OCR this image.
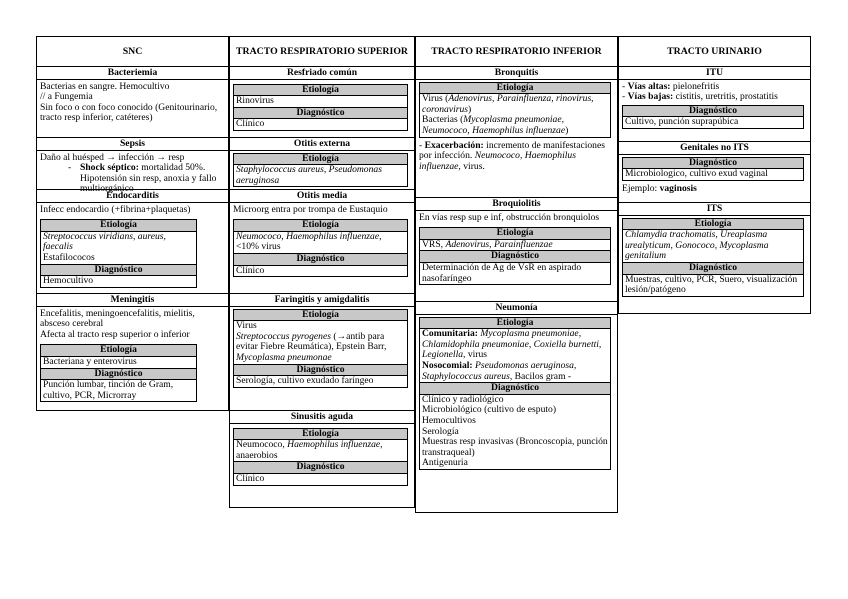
SNC
Bacteriemia

Bacterias en sangre. Hemocultivo

// a Fungemia

Sin foco o con foco conocido (Genitourinario, tracto resp inferior, catéteres)

Sepsis

Daño al huésped → infección → resp

- Shock séptico: mortalidad 50%. Hipotensión sin resp, anoxia y fallo multiorgánico
Endocarditis

Infecc endocardio (+fibrina+plaquetas)

Etiología

Streptococcus viridians, aureus, faecalis

Estafilococos

Diagnóstico
Hemocultivo
Meningitis

Encefalitis, meningoencefalitis, mielitis, absceso cerebral

Afecta al tracto resp superior o inferior

Etiología
Bacteriana y enterovirus
Diagnóstico
Punción lumbar, tinción de Gram, cultivo, PCR, Microrray
TRACTO RESPIRATORIO SUPERIOR
Resfriado común
Etiología
Rinovirus
Diagnóstico
Clínico
Otitis externa
Etiología
Staphylococcus aureus, Pseudomonas aeruginosa
Otitis media

Microorg entra por trompa de Eustaquio

Etiología
Neumococo, Haemophilus influenzae, <10% virus
Diagnóstico
Clínico
Faringitis y amigdalitis
Etiología

Virus

Streptococcus pyrogenes (→antib para evitar Fiebre Reumática), Epstein Barr, Mycoplasma pneumonae

Diagnóstico
Serología, cultivo exudado faríngeo
Sinusitis aguda
Etiología
Neumococo, Haemophilus influenzae, anaerobios
Diagnóstico
Clínico
TRACTO RESPIRATORIO INFERIOR
Bronquitis
Etiología

Virus (Adenovirus, Parainfluenza, rinovirus, coronavirus)

Bacterias (Mycoplasma pneumoniae, Neumococo, Haemophilus influenzae)

- Exacerbación: incremento de manifestaciones por infección. Neumococo, Haemophilus influenzae, virus.

Broquiolitis

En vías resp sup e inf, obstrucción bronquiolos

Etiología
VRS, Adenovirus, Parainfluenzae
Diagnóstico
Determinación de Ag de VsR en aspirado nasofaríngeo
Neumonía
Etiología

Comunitaria: Mycoplasma pneumoniae, Chlamidophila pneumoniae, Coxiella burnetti, Legionella, virus

Nosocomial: Pseudomonas aeruginosa, Staphylococcus aureus, Bacilos gram -

Diagnóstico

Clínico y radiológico

Microbiológico (cultivo de esputo)

Hemocultivos

Serología

Muestras resp invasivas (Broncoscopia, punción transtraqueal)

Antigenuria

TRACTO URINARIO
ITU

- Vías altas: pielonefritis

- Vías bajas: cistitis, uretritis, prostatitis

Diagnóstico
Cultivo, punción suprapúbica
Genitales no ITS
Diagnóstico
Microbiologico, cultivo exud vaginal

Ejemplo: vaginosis

ITS
Etiología
Chlamydia trachomatis, Ureaplasma urealyticum, Gonococo, Mycoplasma genitalium
Diagnóstico
Muestras, cultivo, PCR, Suero, visualización lesión/patógeno
